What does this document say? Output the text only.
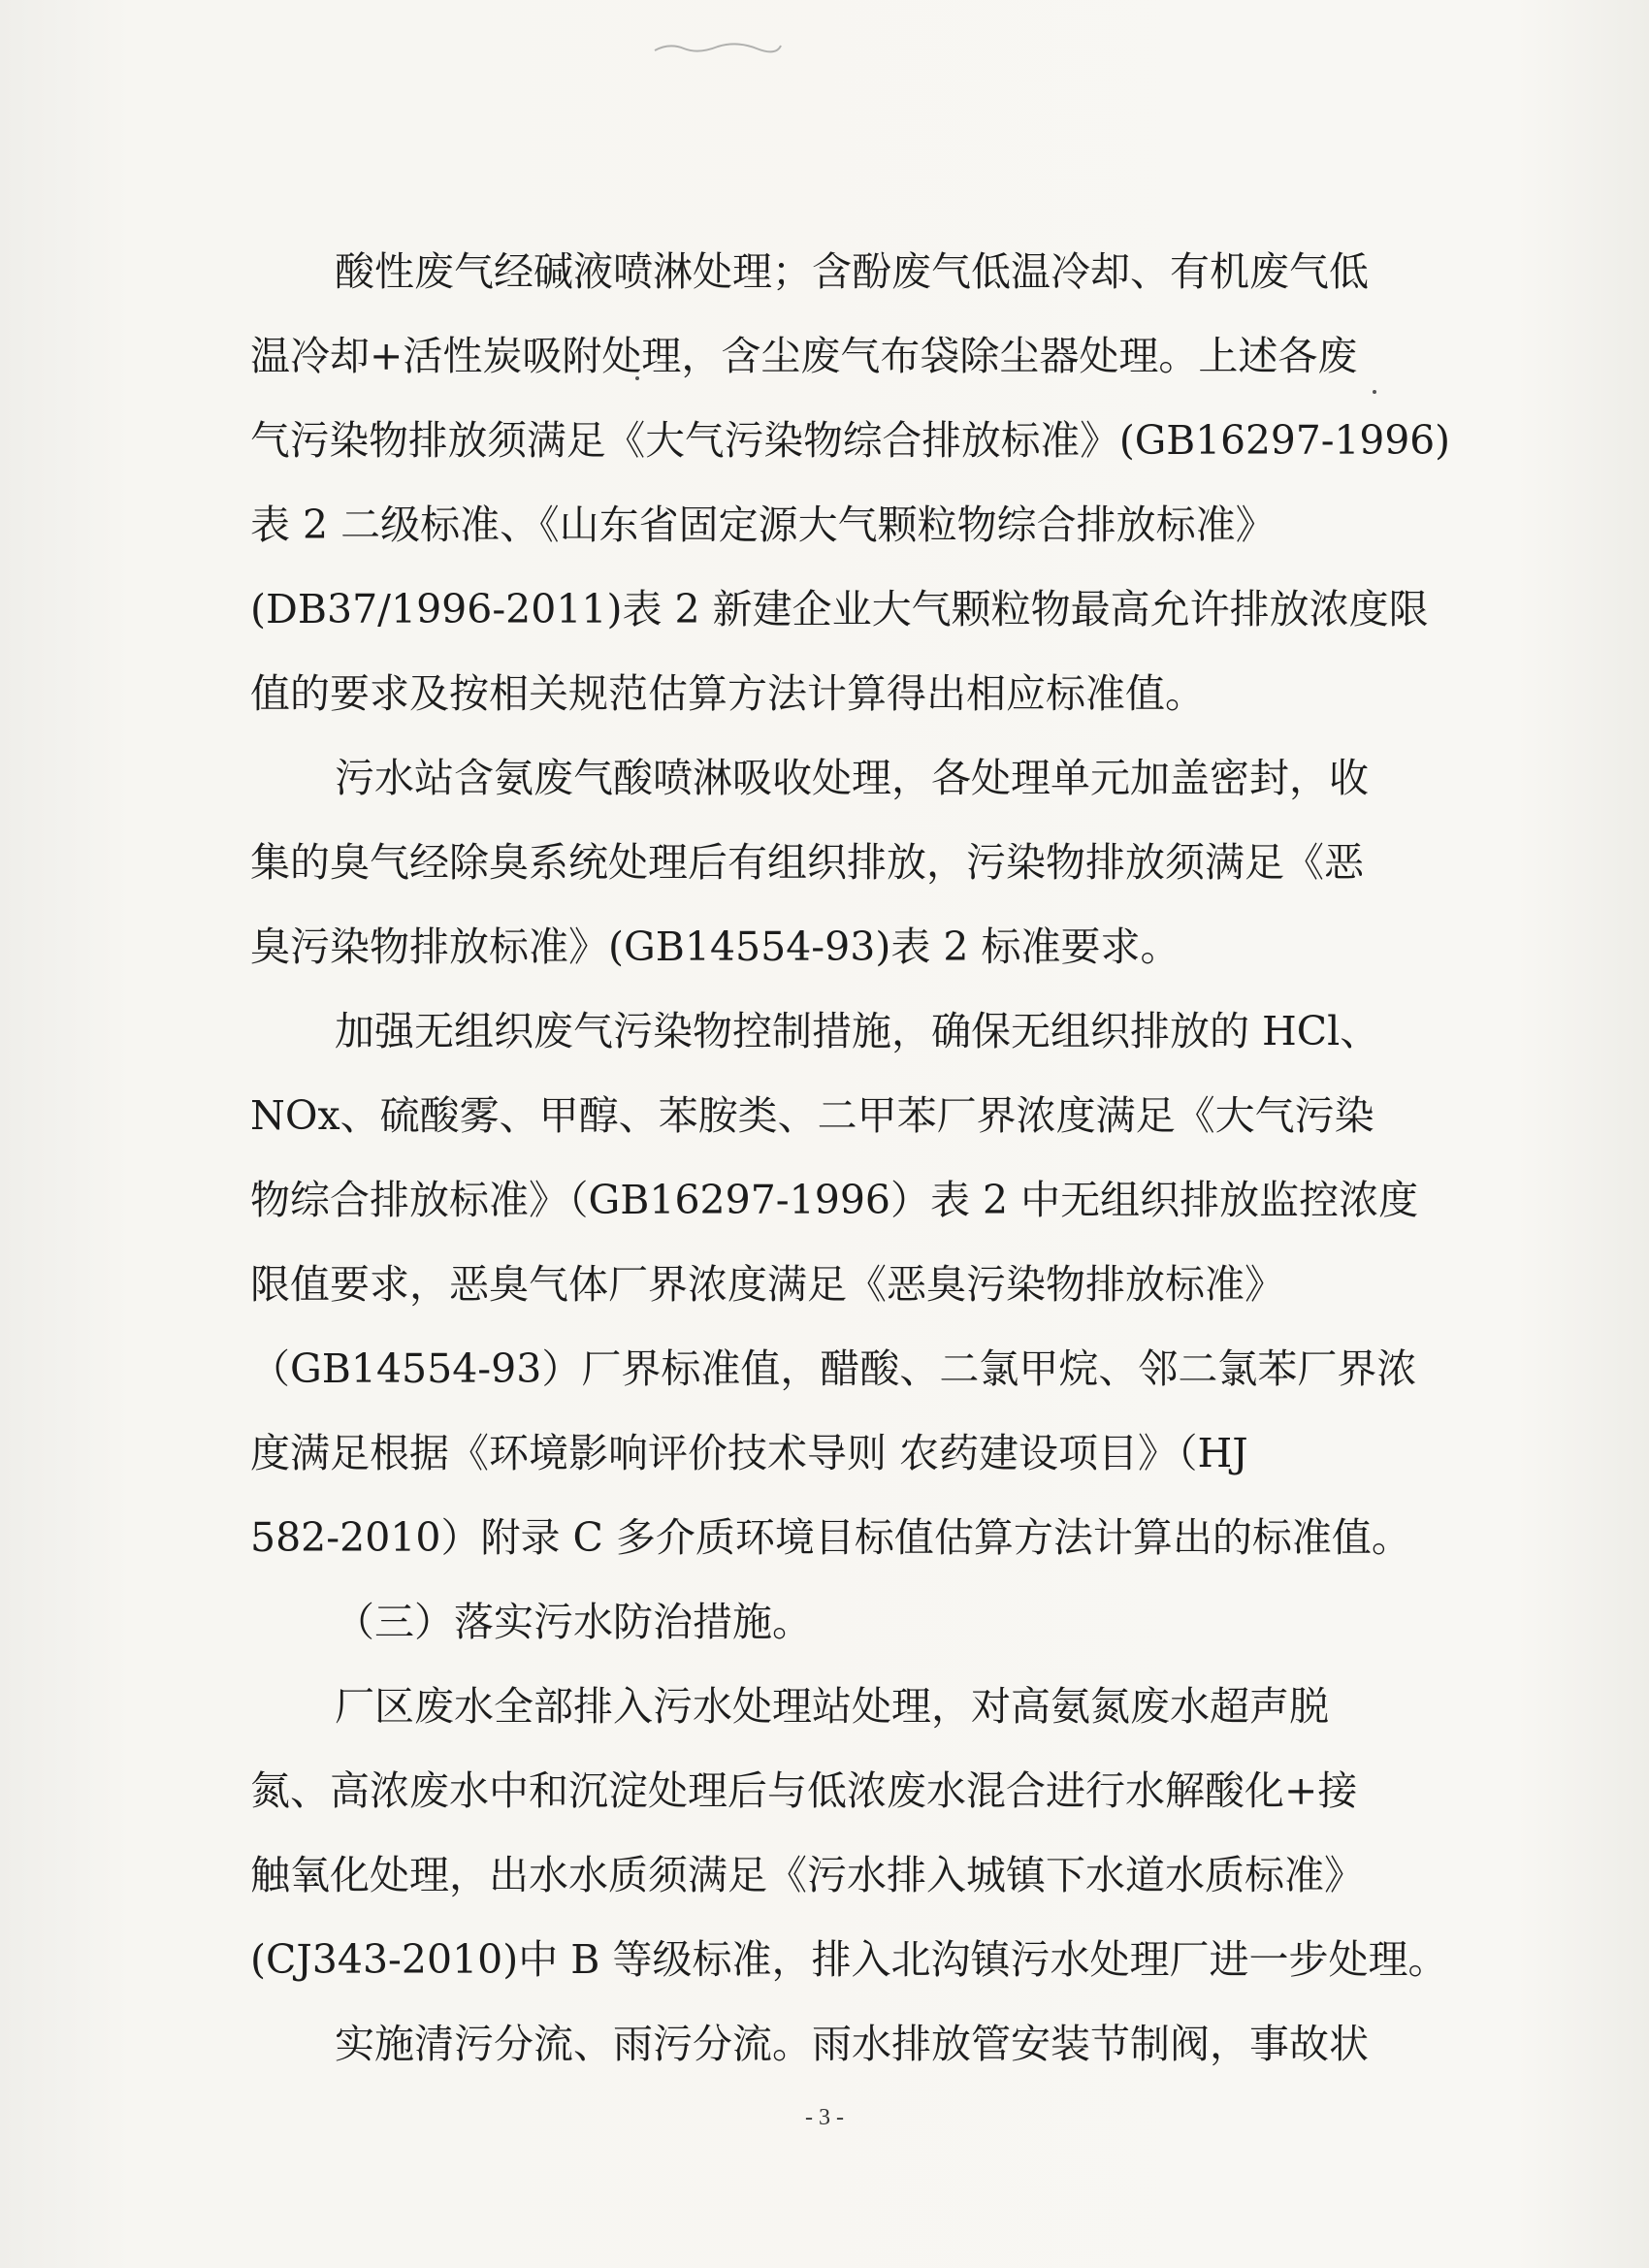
酸性废气经碱液喷淋处理；含酚废气低温冷却、有机废气低
温冷却+活性炭吸附处理，含尘废气布袋除尘器处理。上述各废
气污染物排放须满足《大气污染物综合排放标准》(GB16297-1996)
表 2 二级标准、《山东省固定源大气颗粒物综合排放标准》
(DB37/1996-2011)表 2 新建企业大气颗粒物最高允许排放浓度限
值的要求及按相关规范估算方法计算得出相应标准值。
污水站含氨废气酸喷淋吸收处理，各处理单元加盖密封，收
集的臭气经除臭系统处理后有组织排放，污染物排放须满足《恶
臭污染物排放标准》(GB14554-93)表 2 标准要求。
加强无组织废气污染物控制措施，确保无组织排放的 HCl、
NOx、硫酸雾、甲醇、苯胺类、二甲苯厂界浓度满足《大气污染
物综合排放标准》（GB16297-1996）表 2 中无组织排放监控浓度
限值要求，恶臭气体厂界浓度满足《恶臭污染物排放标准》
（GB14554-93）厂界标准值，醋酸、二氯甲烷、邻二氯苯厂界浓
度满足根据《环境影响评价技术导则 农药建设项目》（HJ
582-2010）附录 C 多介质环境目标值估算方法计算出的标准值。
（三）落实污水防治措施。
厂区废水全部排入污水处理站处理，对高氨氮废水超声脱
氮、高浓废水中和沉淀处理后与低浓废水混合进行水解酸化+接
触氧化处理，出水水质须满足《污水排入城镇下水道水质标准》
(CJ343-2010)中 B 等级标准，排入北沟镇污水处理厂进一步处理。
实施清污分流、雨污分流。雨水排放管安装节制阀，事故状
- 3 -
